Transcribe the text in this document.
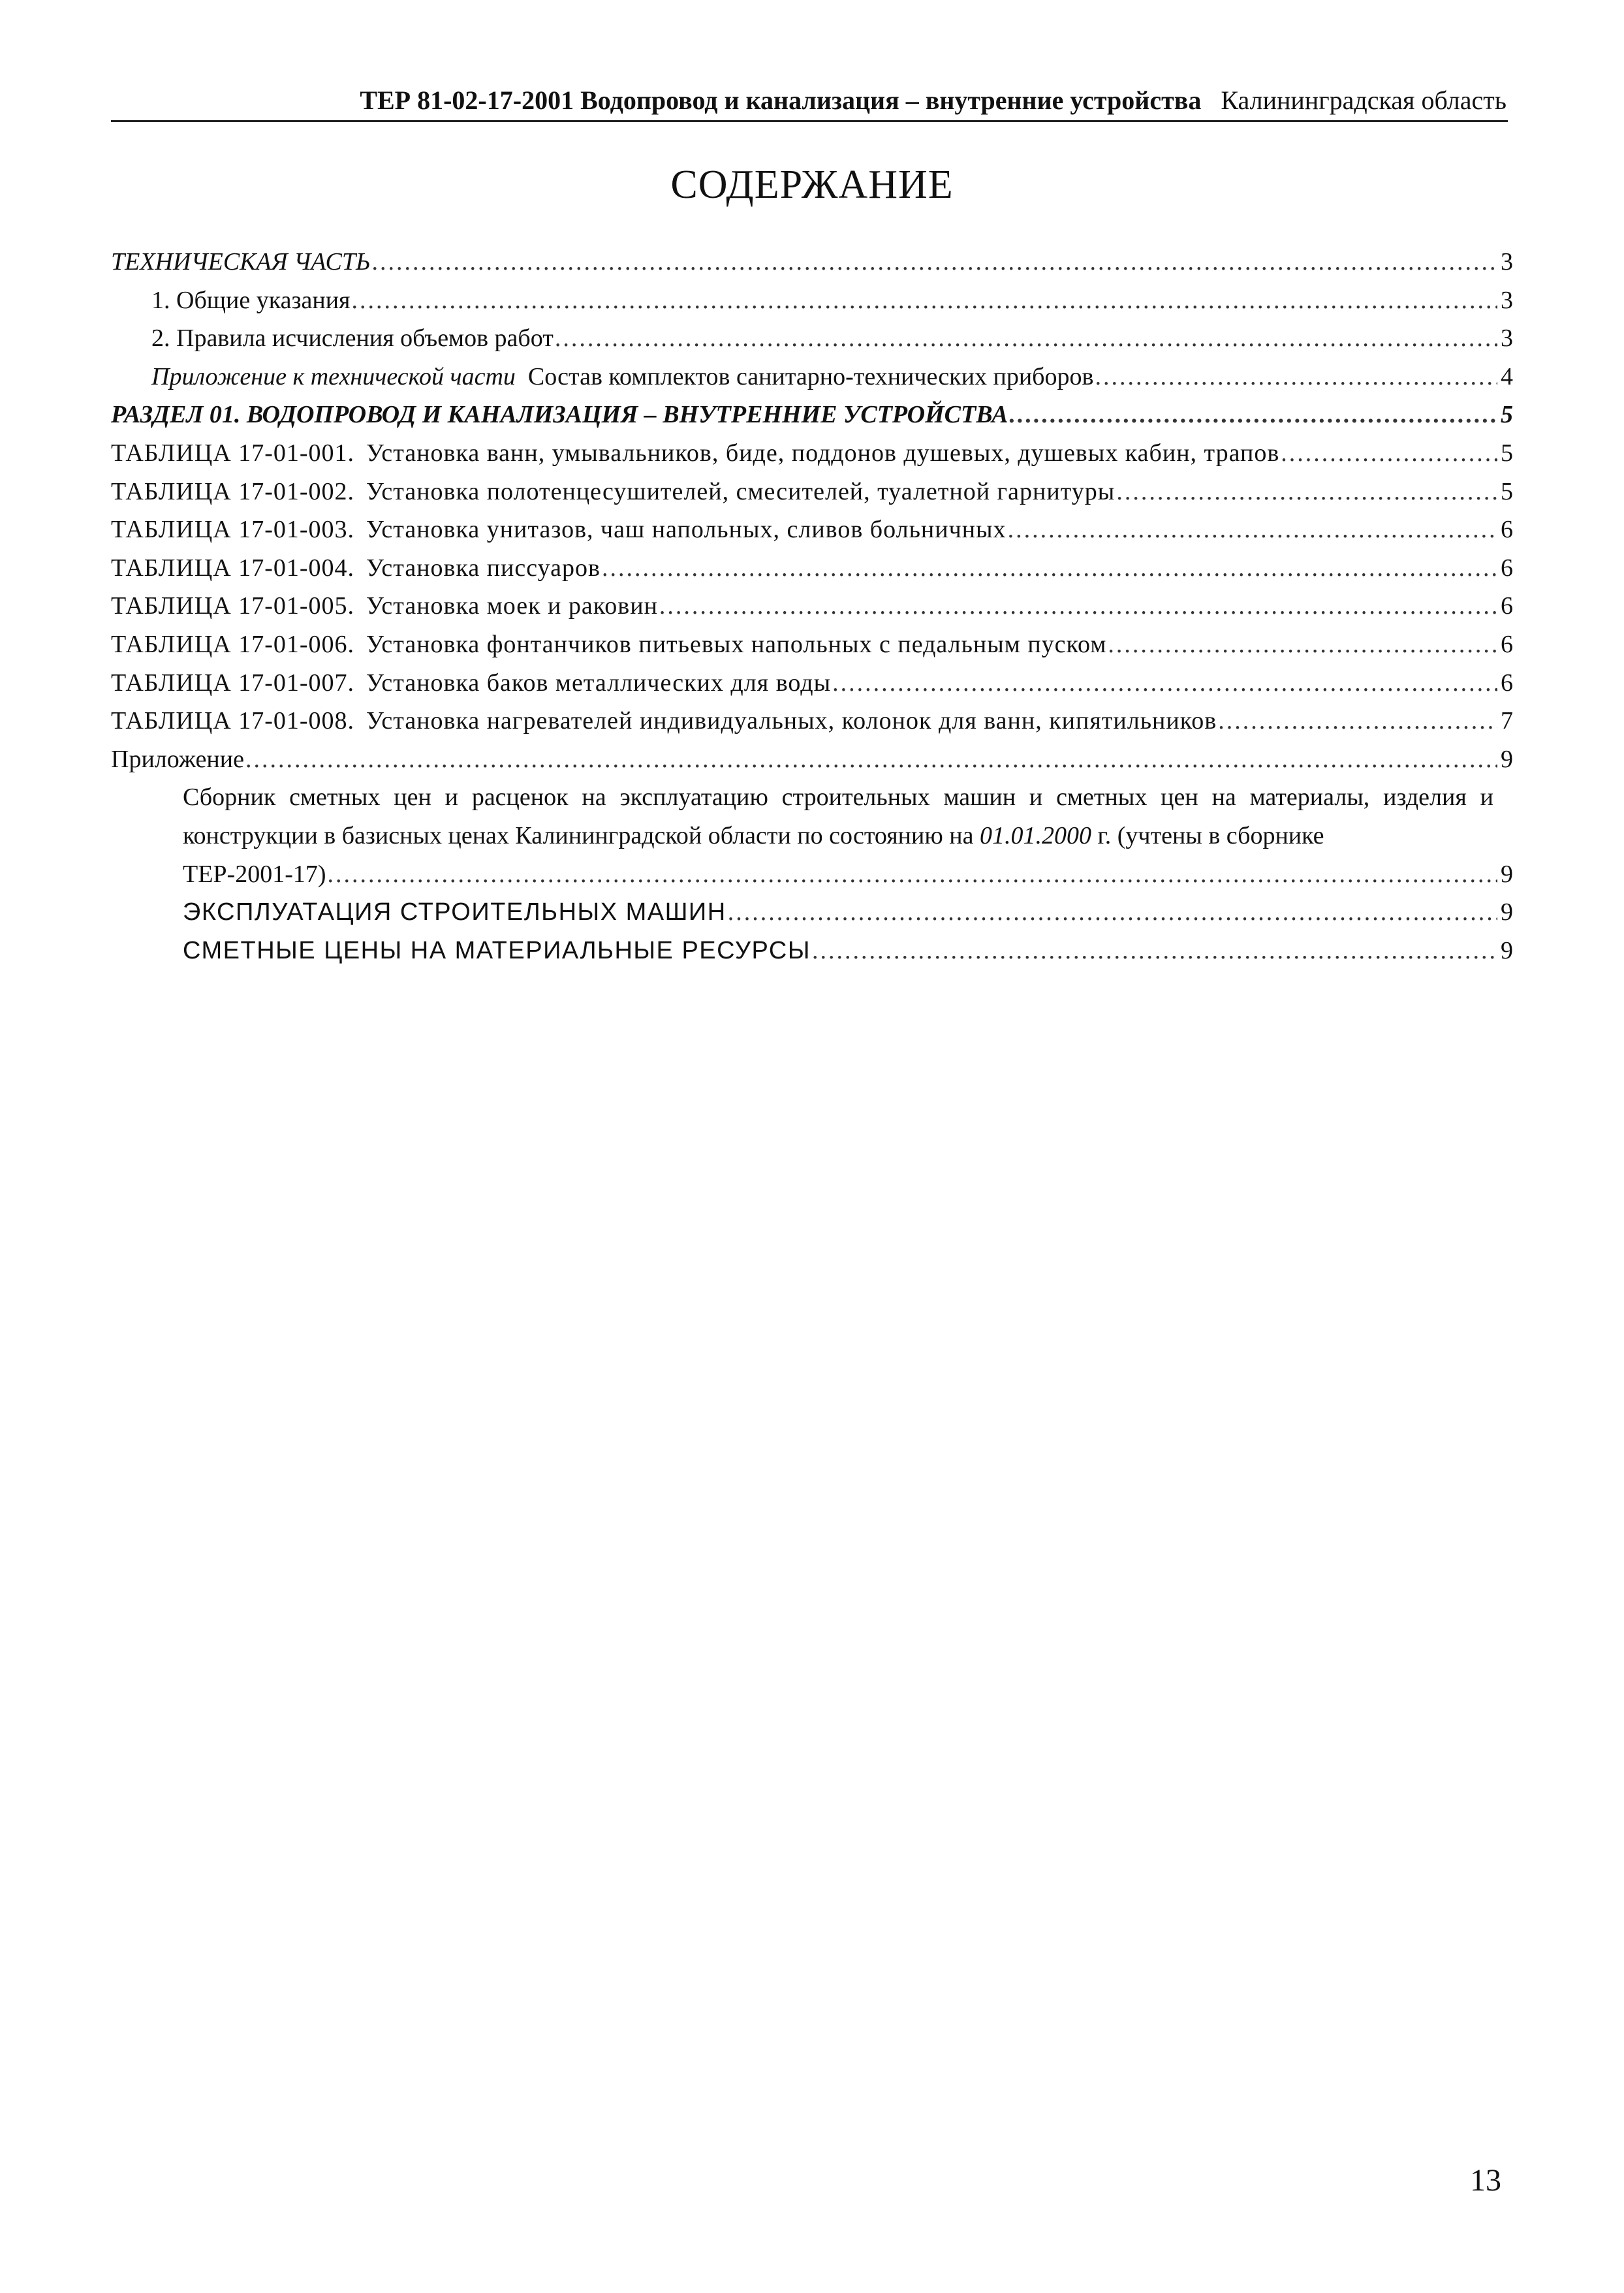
ТЕР 81-02-17-2001 Водопровод и канализация – внутренние устройства Калининградская область
СОДЕРЖАНИЕ
ТЕХНИЧЕСКАЯ ЧАСТЬ .....	3
1. Общие указания .....	3
2. Правила исчисления объемов работ .....	3
Приложение к технической части Состав комплектов санитарно-технических приборов .....	4
РАЗДЕЛ 01. ВОДОПРОВОД И КАНАЛИЗАЦИЯ – ВНУТРЕННИЕ УСТРОЙСТВА .....	5
ТАБЛИЦА 17-01-001. Установка ванн, умывальников, биде, поддонов душевых, душевых кабин, трапов .....	5
ТАБЛИЦА 17-01-002. Установка полотенцесушителей, смесителей, туалетной гарнитуры .....	5
ТАБЛИЦА 17-01-003. Установка унитазов, чаш напольных, сливов больничных .....	6
ТАБЛИЦА 17-01-004. Установка писсуаров .....	6
ТАБЛИЦА 17-01-005. Установка моек и раковин .....	6
ТАБЛИЦА 17-01-006. Установка фонтанчиков питьевых напольных с педальным пуском .....	6
ТАБЛИЦА 17-01-007. Установка баков металлических для воды .....	6
ТАБЛИЦА 17-01-008. Установка нагревателей индивидуальных, колонок для ванн, кипятильников .....	7
Приложение .....	9
Сборник сметных цен и расценок на эксплуатацию строительных машин и сметных цен на материалы, изделия и конструкции в базисных ценах Калининградской области по состоянию на 01.01.2000 г. (учтены в сборнике
ТЕР-2001-17) .....	9
ЭКСПЛУАТАЦИЯ СТРОИТЕЛЬНЫХ МАШИН .....	9
СМЕТНЫЕ ЦЕНЫ НА МАТЕРИАЛЬНЫЕ РЕСУРСЫ .....	9
13
